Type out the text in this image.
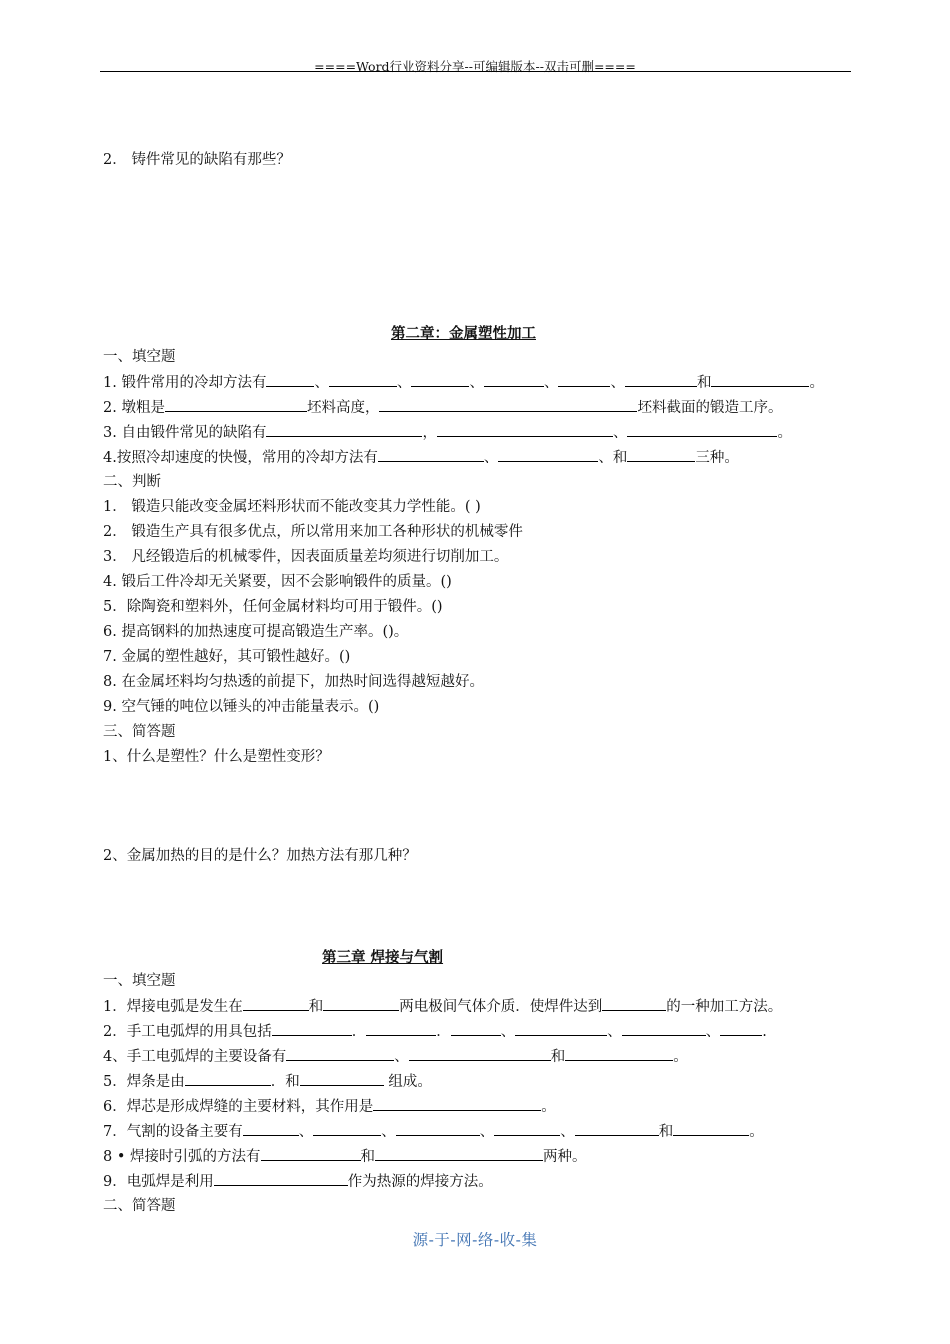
====Word行业资料分享--可编辑版本--双击可删====
2． 铸件常见的缺陷有那些？
第二章：金属塑性加工
一、填空题
1. 锻件常用的冷却方法有	、	、	、	、	、	和	。
2. 墩粗是	坯料高度，	坯料截面的锻造工序。
3. 自由锻件常见的缺陷有	，	、	。
4.按照冷却速度的快慢，常用的冷却方法有	、	、和	三种。
二、判断
1． 锻造只能改变金属坯料形状而不能改变其力学性能。( )
2． 锻造生产具有很多优点，所以常用来加工各种形状的机械零件
3． 凡经锻造后的机械零件，因表面质量差均须进行切削加工。
4. 锻后工件冷却无关紧要，因不会影响锻件的质量。()
5．除陶瓷和塑料外，任何金属材料均可用于锻件。()
6. 提高钢料的加热速度可提高锻造生产率。()。
7. 金属的塑性越好，其可锻性越好。()
8. 在金属坯料均匀热透的前提下，加热时间选得越短越好。
9. 空气锤的吨位以锤头的冲击能量表示。()
三、简答题
1、什么是塑性？什么是塑性变形？
2、金属加热的目的是什么？加热方法有那几种？
第三章 焊接与气割
一、填空题
1．焊接电弧是发生在	和	两电极间气体介质．使焊件达到	的一种加工方法。
2．手工电弧焊的用具包括	．	．	、	、	、	.
4、手工电弧焊的主要设备有	、	和	。
5．焊条是由	．和	组成。
6．焊芯是形成焊缝的主要材料，其作用是	。
7．气割的设备主要有	、	、	、	、	和	。
8 • 焊接时引弧的方法有	和	两种。
9．电弧焊是利用	作为热源的焊接方法。
二、简答题
源-于-网-络-收-集
